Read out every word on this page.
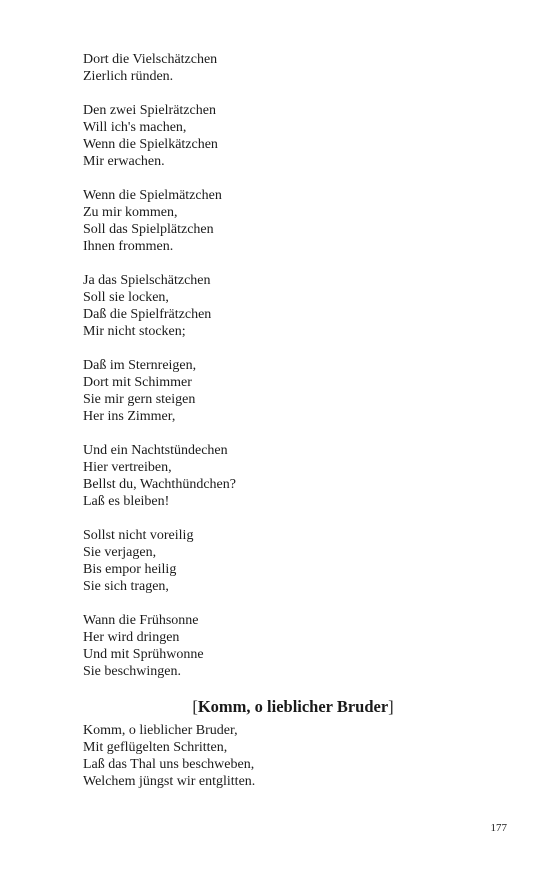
Dort die Vielschätzchen
Zierlich ründen.
Den zwei Spielrätzchen
Will ich's machen,
Wenn die Spielkätzchen
Mir erwachen.
Wenn die Spielmätzchen
Zu mir kommen,
Soll das Spielplätzchen
Ihnen frommen.
Ja das Spielschätzchen
Soll sie locken,
Daß die Spielfrätzchen
Mir nicht stocken;
Daß im Sternreigen,
Dort mit Schimmer
Sie mir gern steigen
Her ins Zimmer,
Und ein Nachtstündechen
Hier vertreiben,
Bellst du, Wachthündchen?
Laß es bleiben!
Sollst nicht voreilig
Sie verjagen,
Bis empor heilig
Sie sich tragen,
Wann die Frühsonne
Her wird dringen
Und mit Sprühwonne
Sie beschwingen.
[Komm, o lieblicher Bruder]
Komm, o lieblicher Bruder,
Mit geflügelten Schritten,
Laß das Thal uns beschweben,
Welchem jüngst wir entglitten.
177
